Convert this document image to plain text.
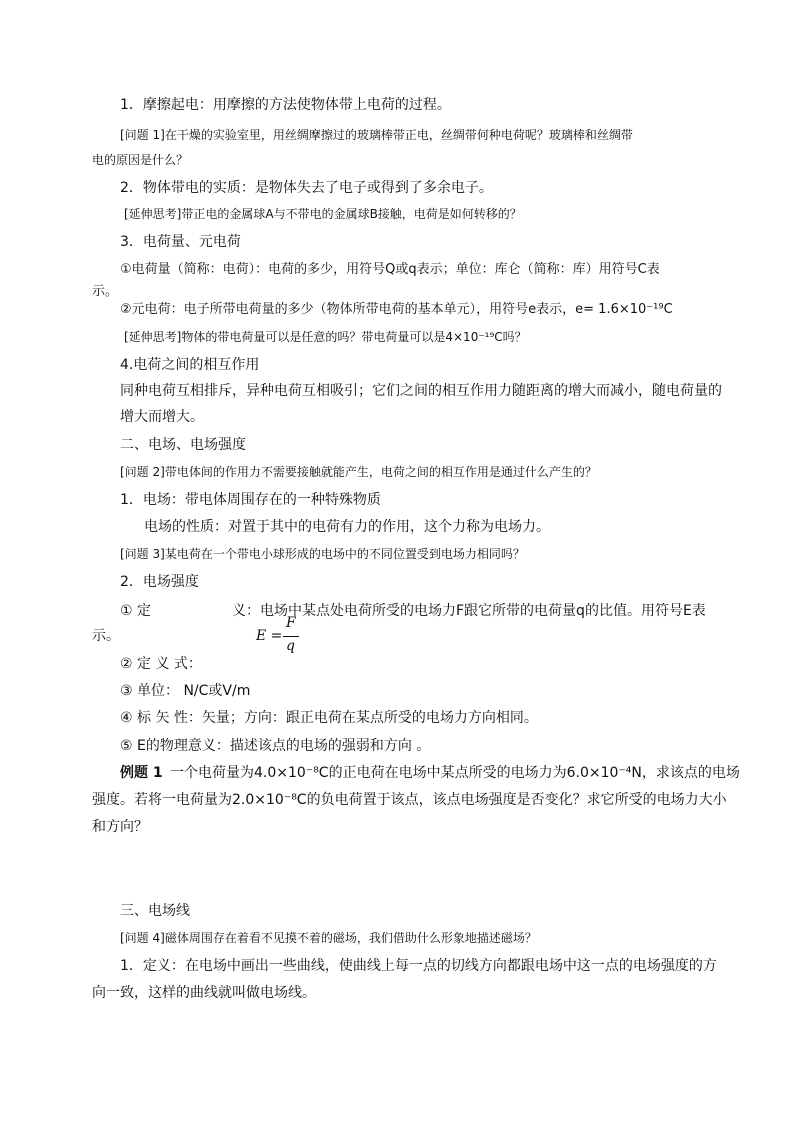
1．摩擦起电：用摩擦的方法使物体带上电荷的过程。
[问题 1]在干燥的实验室里，用丝绸摩擦过的玻璃棒带正电，丝绸带何种电荷呢？玻璃棒和丝绸带
电的原因是什么？
2．物体带电的实质：是物体失去了电子或得到了多余电子。
[延伸思考]带正电的金属球A与不带电的金属球B接触，电荷是如何转移的？
3．电荷量、元电荷
①电荷量（简称：电荷）：电荷的多少，用符号Q或q表示；单位：库仑（简称：库）用符号C表
示。
②元电荷：电子所带电荷量的多少（物体所带电荷的基本单元），用符号e表示，e= 1.6×10⁻¹⁹C
[延伸思考]物体的带电荷量可以是任意的吗？带电荷量可以是4×10⁻¹⁹C吗？
4.电荷之间的相互作用
同种电荷互相排斥，异种电荷互相吸引；它们之间的相互作用力随距离的增大而减小，随电荷量的
增大而增大。
二、电场、电场强度
[问题 2]带电体间的作用力不需要接触就能产生，电荷之间的相互作用是通过什么产生的？
1．电场：带电体周围存在的一种特殊物质
电场的性质：对置于其中的电荷有力的作用，这个力称为电场力。
[问题 3]某电荷在一个带电小球形成的电场中的不同位置受到电场力相同吗？
2．电场强度
① 定	义：电场中某点处电荷所受的电场力F跟它所带的电荷量q的比值。用符号E表
示。	E =
F
q
② 定 义 式：
③ 单位： N/C或V/m
④ 标 矢 性：矢量；方向：跟正电荷在某点所受的电场力方向相同。
⑤ E的物理意义：描述该点的电场的强弱和方向 。
例题 1 一个电荷量为4.0×10⁻⁸C的正电荷在电场中某点所受的电场力为6.0×10⁻⁴N，求该点的电场
强度。若将一电荷量为2.0×10⁻⁸C的负电荷置于该点，该点电场强度是否变化？求它所受的电场力大小
和方向？
三、电场线
[问题 4]磁体周围存在着看不见摸不着的磁场，我们借助什么形象地描述磁场？
1．定义：在电场中画出一些曲线，使曲线上每一点的切线方向都跟电场中这一点的电场强度的方
向一致，这样的曲线就叫做电场线。
